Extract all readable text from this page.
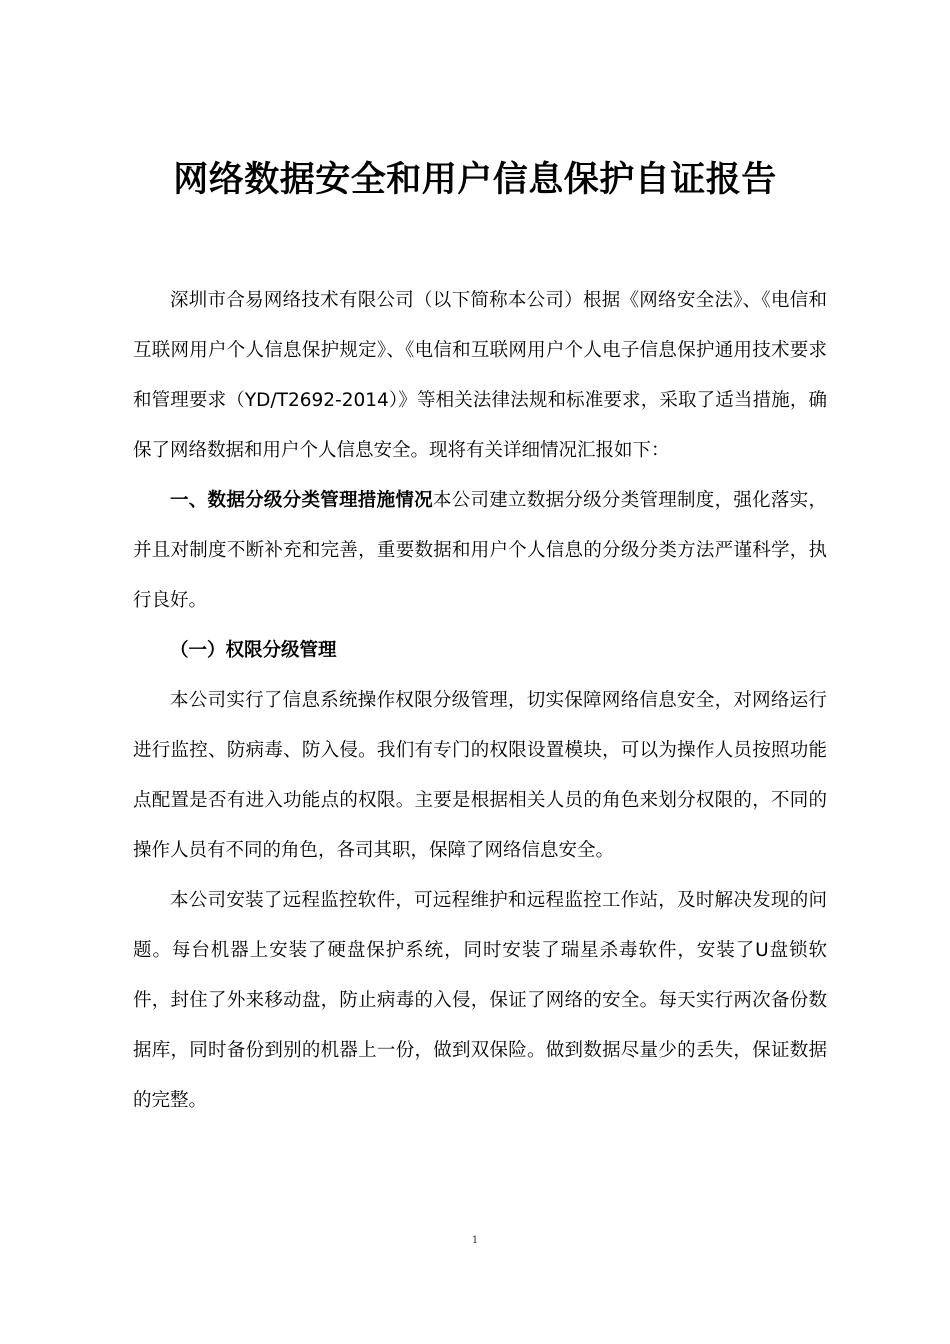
网络数据安全和用户信息保护自证报告

深圳市合易网络技术有限公司（以下简称本公司）根据《网络安全法》、《电信和互联网用户个人信息保护规定》、《电信和互联网用户个人电子信息保护通用技术要求和管理要求（YD/T2692-2014）》等相关法律法规和标准要求，采取了适当措施，确保了网络数据和用户个人信息安全。现将有关详细情况汇报如下：

一、数据分级分类管理措施情况本公司建立数据分级分类管理制度，强化落实，并且对制度不断补充和完善，重要数据和用户个人信息的分级分类方法严谨科学，执行良好。

（一）权限分级管理

本公司实行了信息系统操作权限分级管理，切实保障网络信息安全，对网络运行进行监控、防病毒、防入侵。我们有专门的权限设置模块，可以为操作人员按照功能点配置是否有进入功能点的权限。主要是根据相关人员的角色来划分权限的，不同的操作人员有不同的角色，各司其职，保障了网络信息安全。

本公司安装了远程监控软件，可远程维护和远程监控工作站，及时解决发现的问题。每台机器上安装了硬盘保护系统，同时安装了瑞星杀毒软件，安装了U盘锁软件，封住了外来移动盘，防止病毒的入侵，保证了网络的安全。每天实行两次备份数据库，同时备份到别的机器上一份，做到双保险。做到数据尽量少的丢失，保证数据的完整。

1
